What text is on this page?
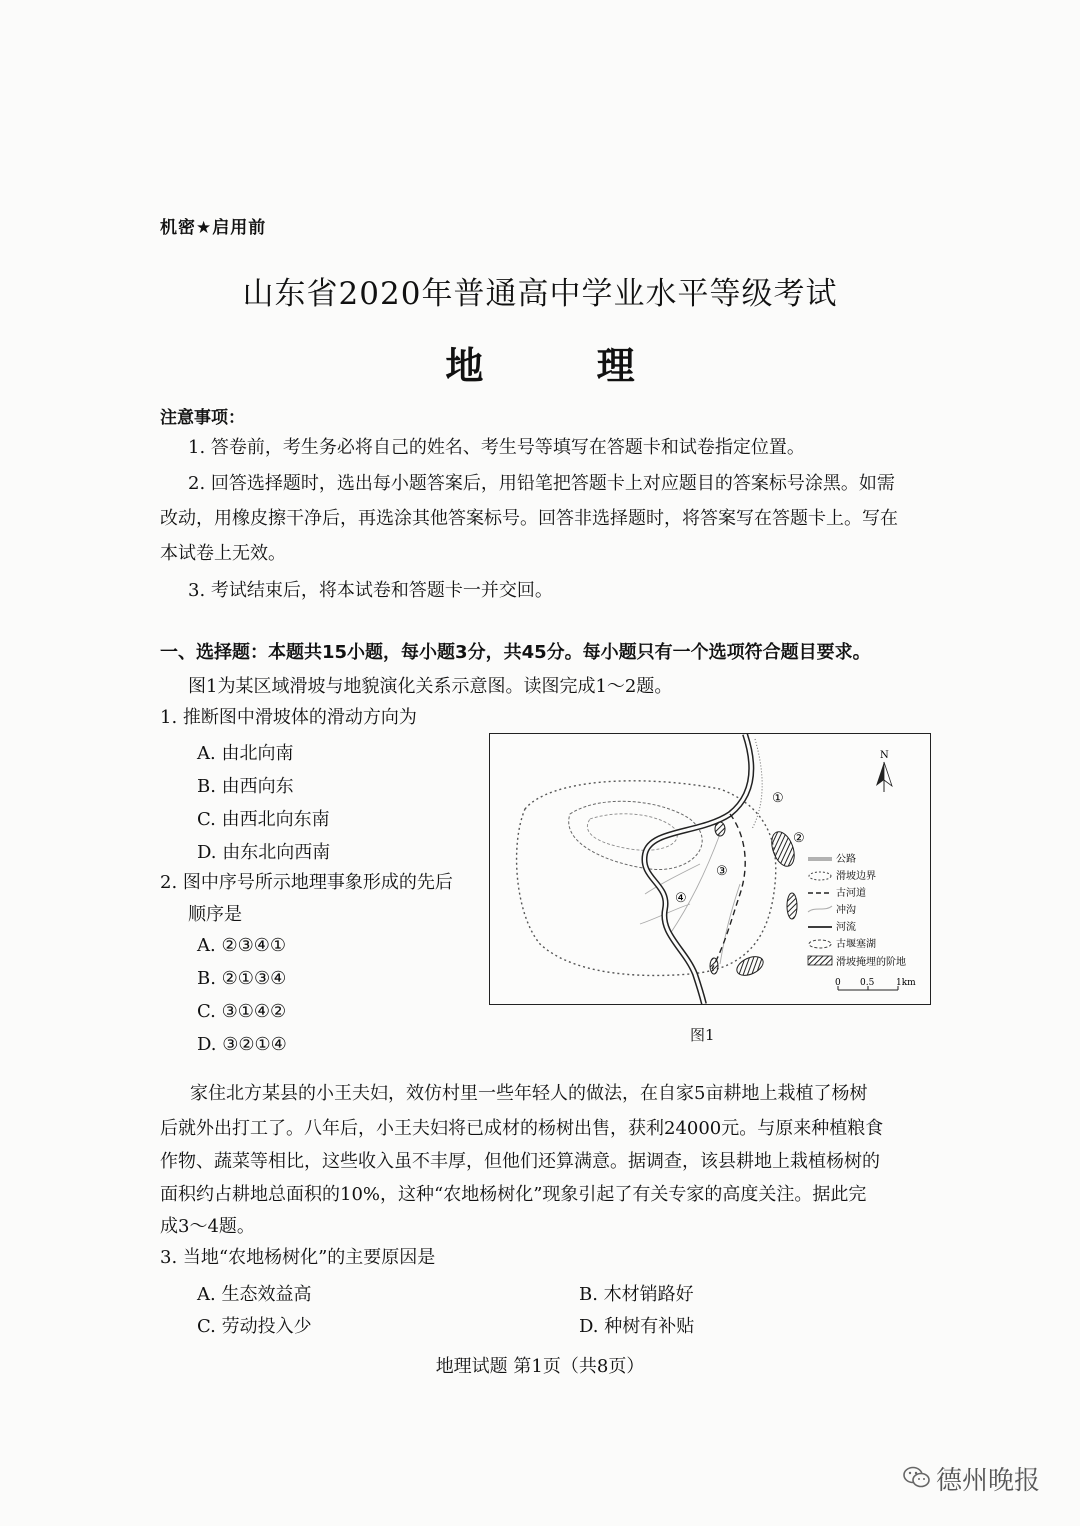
机密★启用前
山东省2020年普通高中学业水平等级考试
地 理
注意事项：
1. 答卷前，考生务必将自己的姓名、考生号等填写在答题卡和试卷指定位置。
2. 回答选择题时，选出每小题答案后，用铅笔把答题卡上对应题目的答案标号涂黑。如需
改动，用橡皮擦干净后，再选涂其他答案标号。回答非选择题时，将答案写在答题卡上。写在
本试卷上无效。
3. 考试结束后，将本试卷和答题卡一并交回。
一、选择题：本题共15小题，每小题3分，共45分。每小题只有一个选项符合题目要求。
图1为某区域滑坡与地貌演化关系示意图。读图完成1～2题。
1. 推断图中滑坡体的滑动方向为
A. 由北向南
B. 由西向东
C. 由西北向东南
D. 由东北向西南
2. 图中序号所示地理事象形成的先后
顺序是
A. ②③④①
B. ②①③④
C. ③①④②
D. ③②①④
N
①
②
③
④
公路
滑坡边界
古河道
冲沟
河流
古堰塞湖
滑坡掩埋的阶地
0 0.5 1km
图1
家住北方某县的小王夫妇，效仿村里一些年轻人的做法，在自家5亩耕地上栽植了杨树
后就外出打工了。八年后，小王夫妇将已成材的杨树出售，获利24000元。与原来种植粮食
作物、蔬菜等相比，这些收入虽不丰厚，但他们还算满意。据调查，该县耕地上栽植杨树的
面积约占耕地总面积的10%，这种“农地杨树化”现象引起了有关专家的高度关注。据此完
成3～4题。
3. 当地“农地杨树化”的主要原因是
A. 生态效益高	B. 木材销路好
C. 劳动投入少	D. 种树有补贴
地理试题 第1页（共8页）
德州晚报
